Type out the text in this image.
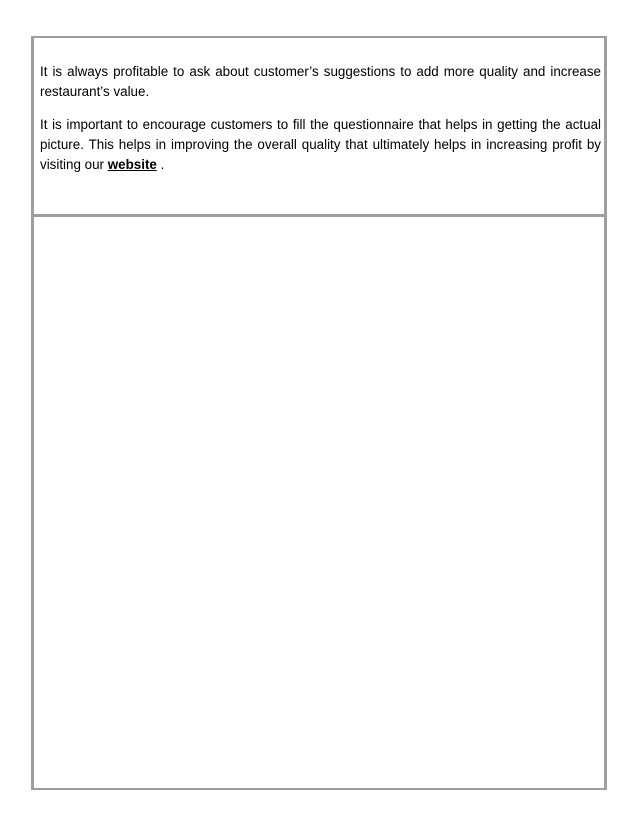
It is always profitable to ask about customer’s suggestions to add more quality and increase restaurant’s value.

It is important to encourage customers to fill the questionnaire that helps in getting the actual picture. This helps in improving the overall quality that ultimately helps in increasing profit by visiting our website .
